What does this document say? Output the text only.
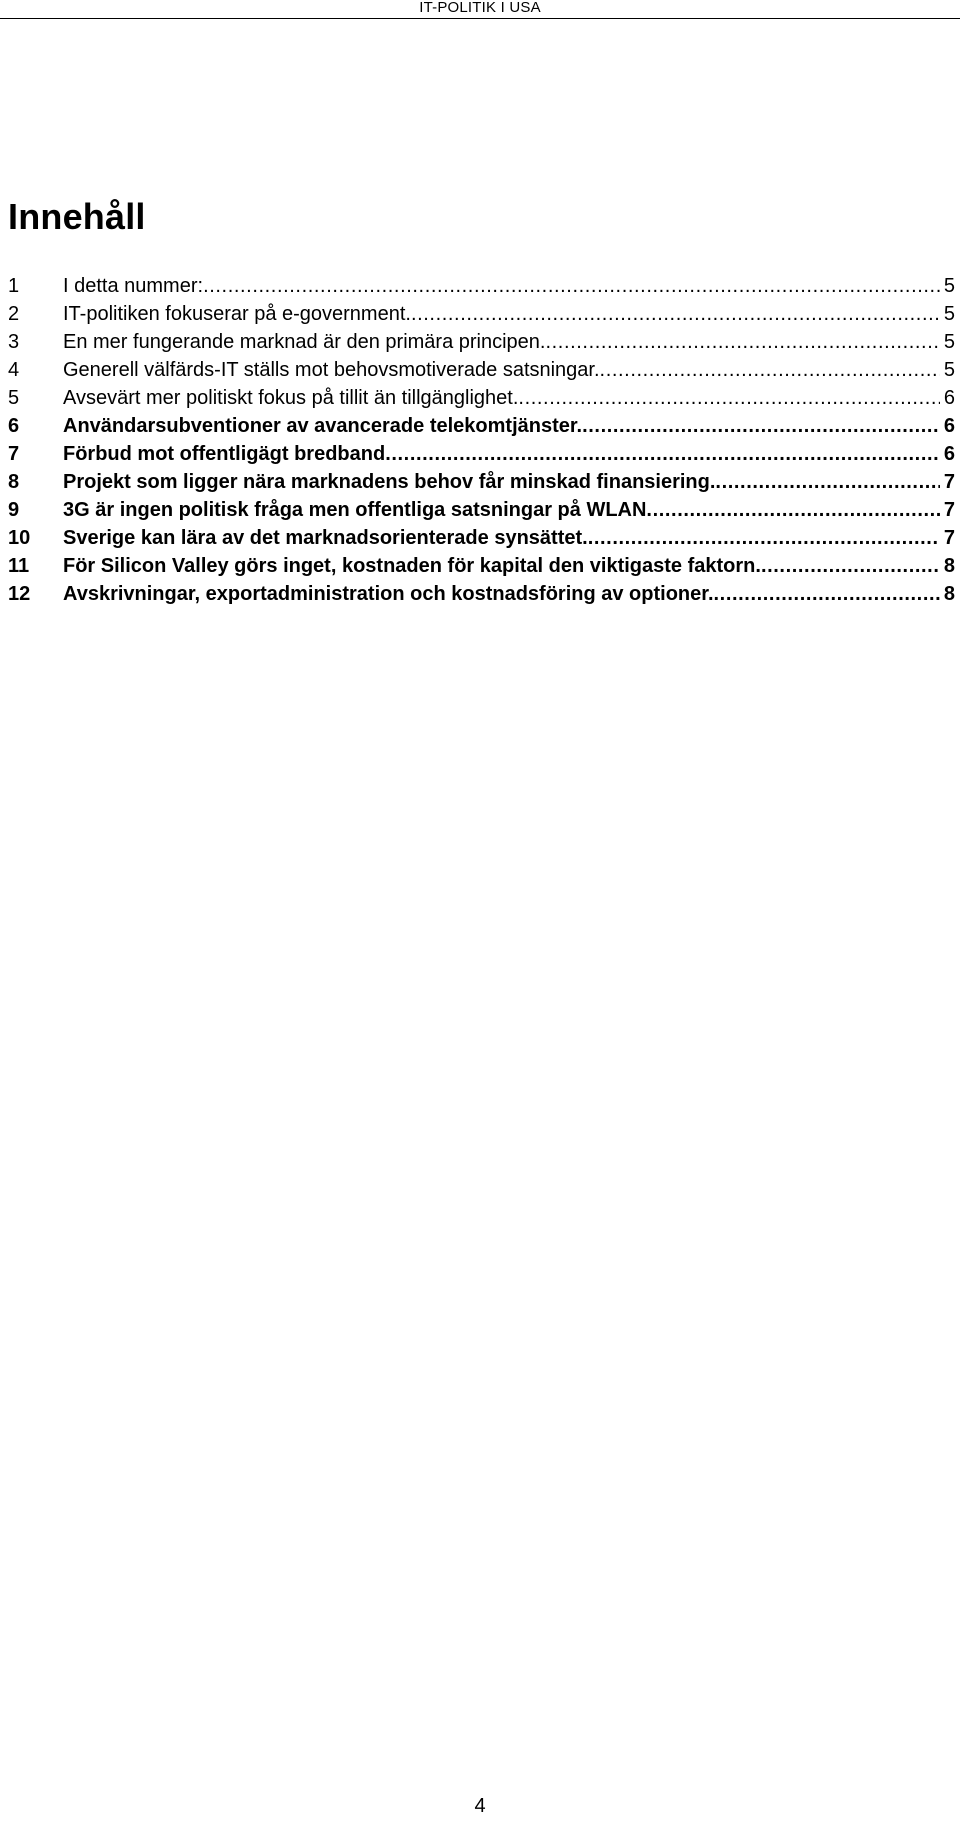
IT-POLITIK I USA
Innehåll
1	I detta nummer: .....	5
2	IT-politiken fokuserar på e-government. .....	5
3	En mer fungerande marknad är den primära principen. .....	5
4	Generell välfärds-IT ställs mot behovsmotiverade satsningar. .....	5
5	Avsevärt mer politiskt fokus på tillit än tillgänglighet. .....	6
6	Användarsubventioner av avancerade telekomtjänster. .....	6
7	Förbud mot offentligägt bredband .....	6
8	Projekt som ligger nära marknadens behov får minskad finansiering. .....	7
9	3G är ingen politisk fråga men offentliga satsningar på WLAN .....	7
10	Sverige kan lära av det marknadsorienterade synsättet. .....	7
11	För Silicon Valley görs inget, kostnaden för kapital den viktigaste faktorn. .....	8
12	Avskrivningar, exportadministration och kostnadsföring av optioner. .....	8
4
